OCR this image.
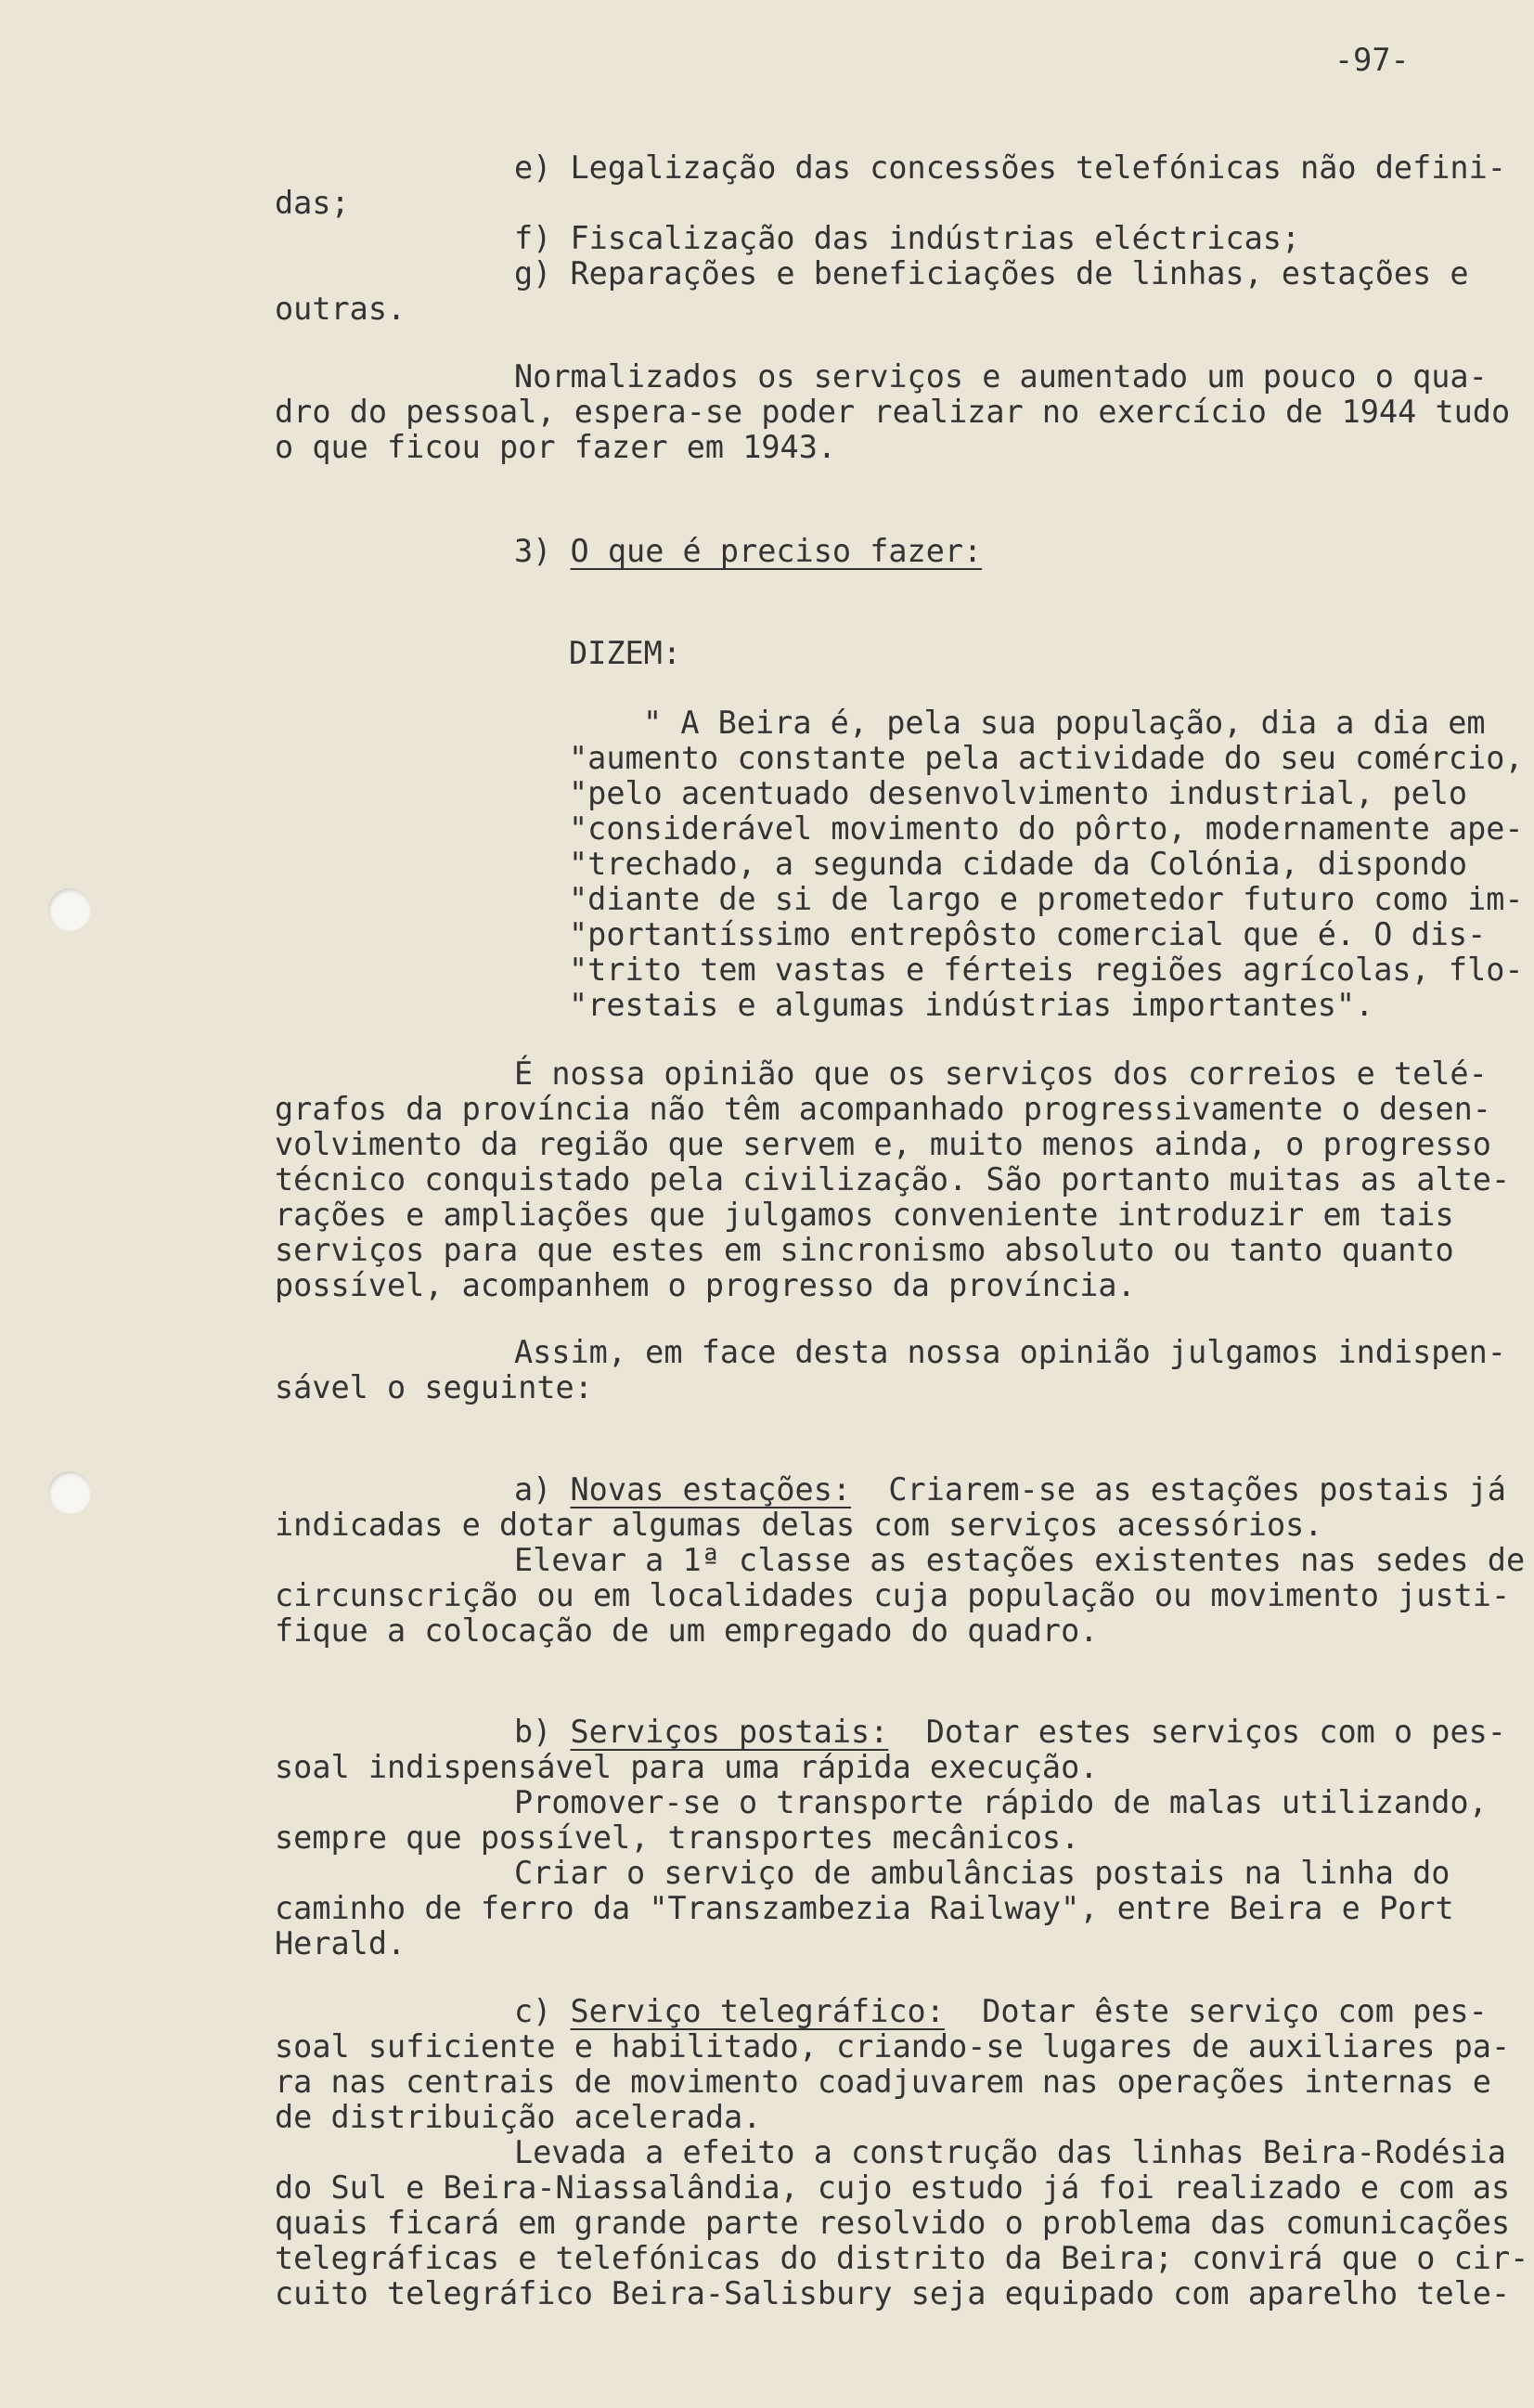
-97-
e) Legalização das concessões telefónicas não defini-
das;
f) Fiscalização das indústrias eléctricas;
g) Reparações e beneficiações de linhas, estações e
outras.
Normalizados os serviços e aumentado um pouco o qua-
dro do pessoal, espera-se poder realizar no exercício de 1944 tudo
o que ficou por fazer em 1943.
3) O que é preciso fazer:
DIZEM:
" A Beira é, pela sua população, dia a dia em
"aumento constante pela actividade do seu comércio,
"pelo acentuado desenvolvimento industrial, pelo
"considerável movimento do pôrto, modernamente ape-
"trechado, a segunda cidade da Colónia, dispondo
"diante de si de largo e prometedor futuro como im-
"portantíssimo entrepôsto comercial que é. O dis-
"trito tem vastas e férteis regiões agrícolas, flo-
"restais e algumas indústrias importantes".
É nossa opinião que os serviços dos correios e telé-
grafos da província não têm acompanhado progressivamente o desen-
volvimento da região que servem e, muito menos ainda, o progresso
técnico conquistado pela civilização. São portanto muitas as alte-
rações e ampliações que julgamos conveniente introduzir em tais
serviços para que estes em sincronismo absoluto ou tanto quanto
possível, acompanhem o progresso da província.
Assim, em face desta nossa opinião julgamos indispen-
sável o seguinte:
a) Novas estações: Criarem-se as estações postais já
indicadas e dotar algumas delas com serviços acessórios.
Elevar a 1ª classe as estações existentes nas sedes de
circunscrição ou em localidades cuja população ou movimento justi-
fique a colocação de um empregado do quadro.
b) Serviços postais: Dotar estes serviços com o pes-
soal indispensável para uma rápida execução.
Promover-se o transporte rápido de malas utilizando,
sempre que possível, transportes mecânicos.
Criar o serviço de ambulâncias postais na linha do
caminho de ferro da "Transzambezia Railway", entre Beira e Port
Herald.
c) Serviço telegráfico: Dotar êste serviço com pes-
soal suficiente e habilitado, criando-se lugares de auxiliares pa-
ra nas centrais de movimento coadjuvarem nas operações internas e
de distribuição acelerada.
Levada a efeito a construção das linhas Beira-Rodésia
do Sul e Beira-Niassalândia, cujo estudo já foi realizado e com as
quais ficará em grande parte resolvido o problema das comunicações
telegráficas e telefónicas do distrito da Beira; convirá que o cir-
cuito telegráfico Beira-Salisbury seja equipado com aparelho tele-
